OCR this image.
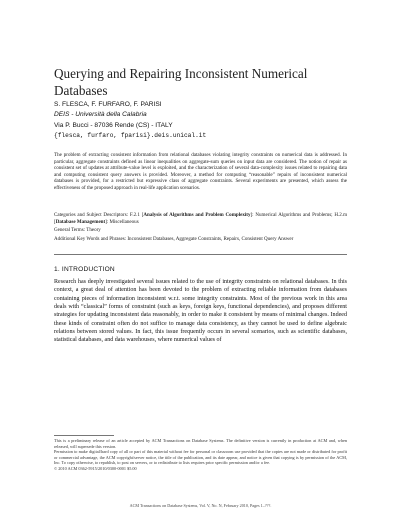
Querying and Repairing Inconsistent Numerical Databases
S. FLESCA, F. FURFARO, F. PARISI
DEIS - Università della Calabria
Via P. Bucci - 87036 Rende (CS) - ITALY
{flesca, furfaro, fparisi}.deis.unical.it
The problem of extracting consistent information from relational databases violating integrity constraints on numerical data is addressed. In particular, aggregate constraints defined as linear inequalities on aggregate-sum queries on input data are considered. The notion of repair as consistent set of updates at attribute-value level is exploited, and the characterization of several data-complexity issues related to repairing data and computing consistent query answers is provided. Moreover, a method for computing “reasonable” repairs of inconsistent numerical databases is provided, for a restricted but expressive class of aggregate constraints. Several experiments are presented, which assess the effectiveness of the proposed approach in real-life application scenarios.
Categories and Subject Descriptors: F.2.1 [Analysis of Algorithms and Problem Complexity]: Numerical Algorithms and Problems; H.2.m [Database Management]: Miscellaneous
General Terms: Theory
Additional Key Words and Phrases: Inconsistent Databases, Aggregate Constraints, Repairs, Consistent Query Answer
1. INTRODUCTION
Research has deeply investigated several issues related to the use of integrity constraints on relational databases. In this context, a great deal of attention has been devoted to the problem of extracting reliable information from databases containing pieces of information inconsistent w.r.t. some integrity constraints. Most of the previous work in this area deals with “classical” forms of constraint (such as keys, foreign keys, functional dependencies), and proposes different strategies for updating inconsistent data reasonably, in order to make it consistent by means of minimal changes. Indeed these kinds of constraint often do not suffice to manage data consistency, as they cannot be used to define algebraic relations between stored values. In fact, this issue frequently occurs in several scenarios, such as scientific databases, statistical databases, and data warehouses, where numerical values of
This is a preliminary release of an article accepted by ACM Transactions on Database Systems. The definitive version is currently in production at ACM and, when released, will supersede this version.
Permission to make digital/hard copy of all or part of this material without fee for personal or classroom use provided that the copies are not made or distributed for profit or commercial advantage, the ACM copyright/server notice, the title of the publication, and its date appear, and notice is given that copying is by permission of the ACM, Inc. To copy otherwise, to republish, to post on servers, or to redistribute to lists requires prior specific permission and/or a fee.
© 2010 ACM 0362-5915/2010/0300-0001 $5.00
ACM Transactions on Database Systems, Vol. V, No. N, February 2010, Pages 1–???.
